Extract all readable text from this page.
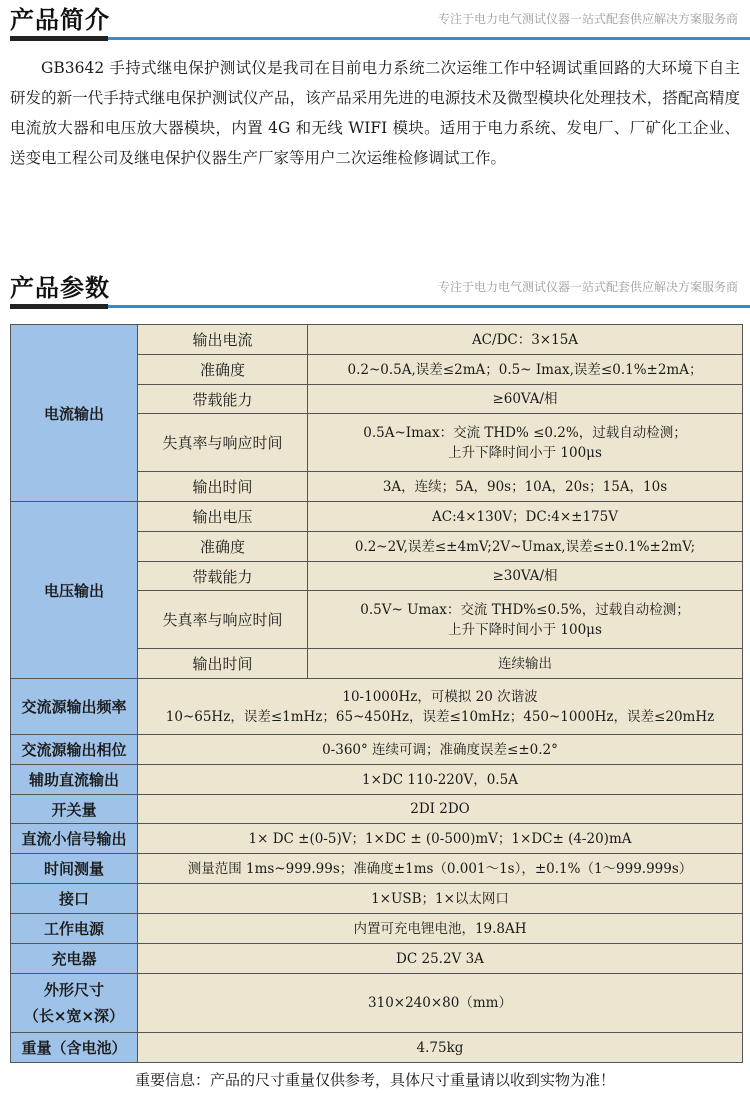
产品简介	专注于电力电气测试仪器一站式配套供应解决方案服务商

GB3642 手持式继电保护测试仪是我司在目前电力系统二次运维工作中轻调试重回路的大环境下自主研发的新一代手持式继电保护测试仪产品，该产品采用先进的电源技术及微型模块化处理技术，搭配高精度电流放大器和电压放大器模块，内置 4G 和无线 WIFI 模块。适用于电力系统、发电厂、厂矿化工企业、送变电工程公司及继电保护仪器生产厂家等用户二次运维检修调试工作。

产品参数	专注于电力电气测试仪器一站式配套供应解决方案服务商
电流输出	输出电流	AC/DC：3×15A
	准确度	0.2~0.5A,误差≤2mA；0.5~ Imax,误差≤0.1%±2mA；
	带载能力	≥60VA/相
	失真率与响应时间	0.5A~Imax：交流 THD% ≤0.2%，过载自动检测；
上升下降时间小于 100μs

	输出时间	3A，连续；5A，90s；10A，20s；15A，10s
电压输出	输出电压	AC:4×130V；DC:4×±175V
	准确度	0.2~2V,误差≤±4mV;2V~Umax,误差≤±0.1%±2mV;
	带载能力	≥30VA/相
	失真率与响应时间	0.5V~ Umax：交流 THD%≤0.5%，过载自动检测；
上升下降时间小于 100μs

	输出时间	连续输出
交流源输出频率	10-1000Hz，可模拟 20 次谐波
10~65Hz，误差≤1mHz；65~450Hz，误差≤10mHz；450~1000Hz，误差≤20mHz	

交流源输出相位	0-360° 连续可调；准确度误差≤±0.2°	
辅助直流输出	1×DC 110-220V，0.5A	
开关量	2DI 2DO	
直流小信号输出	1× DC ±(0-5)V；1×DC ± (0-500)mV；1×DC± (4-20)mA	
时间测量	测量范围 1ms~999.99s；准确度±1ms（0.001～1s），±0.1%（1～999.999s）	
接口	1×USB；1×以太网口	
工作电源	内置可充电锂电池，19.8AH	
充电器	DC 25.2V 3A	

外形尺寸
（长×宽×深）	310×240×80（mm）	
重量（含电池）	4.75kg	
重要信息：产品的尺寸重量仅供参考，具体尺寸重量请以收到实物为准！
